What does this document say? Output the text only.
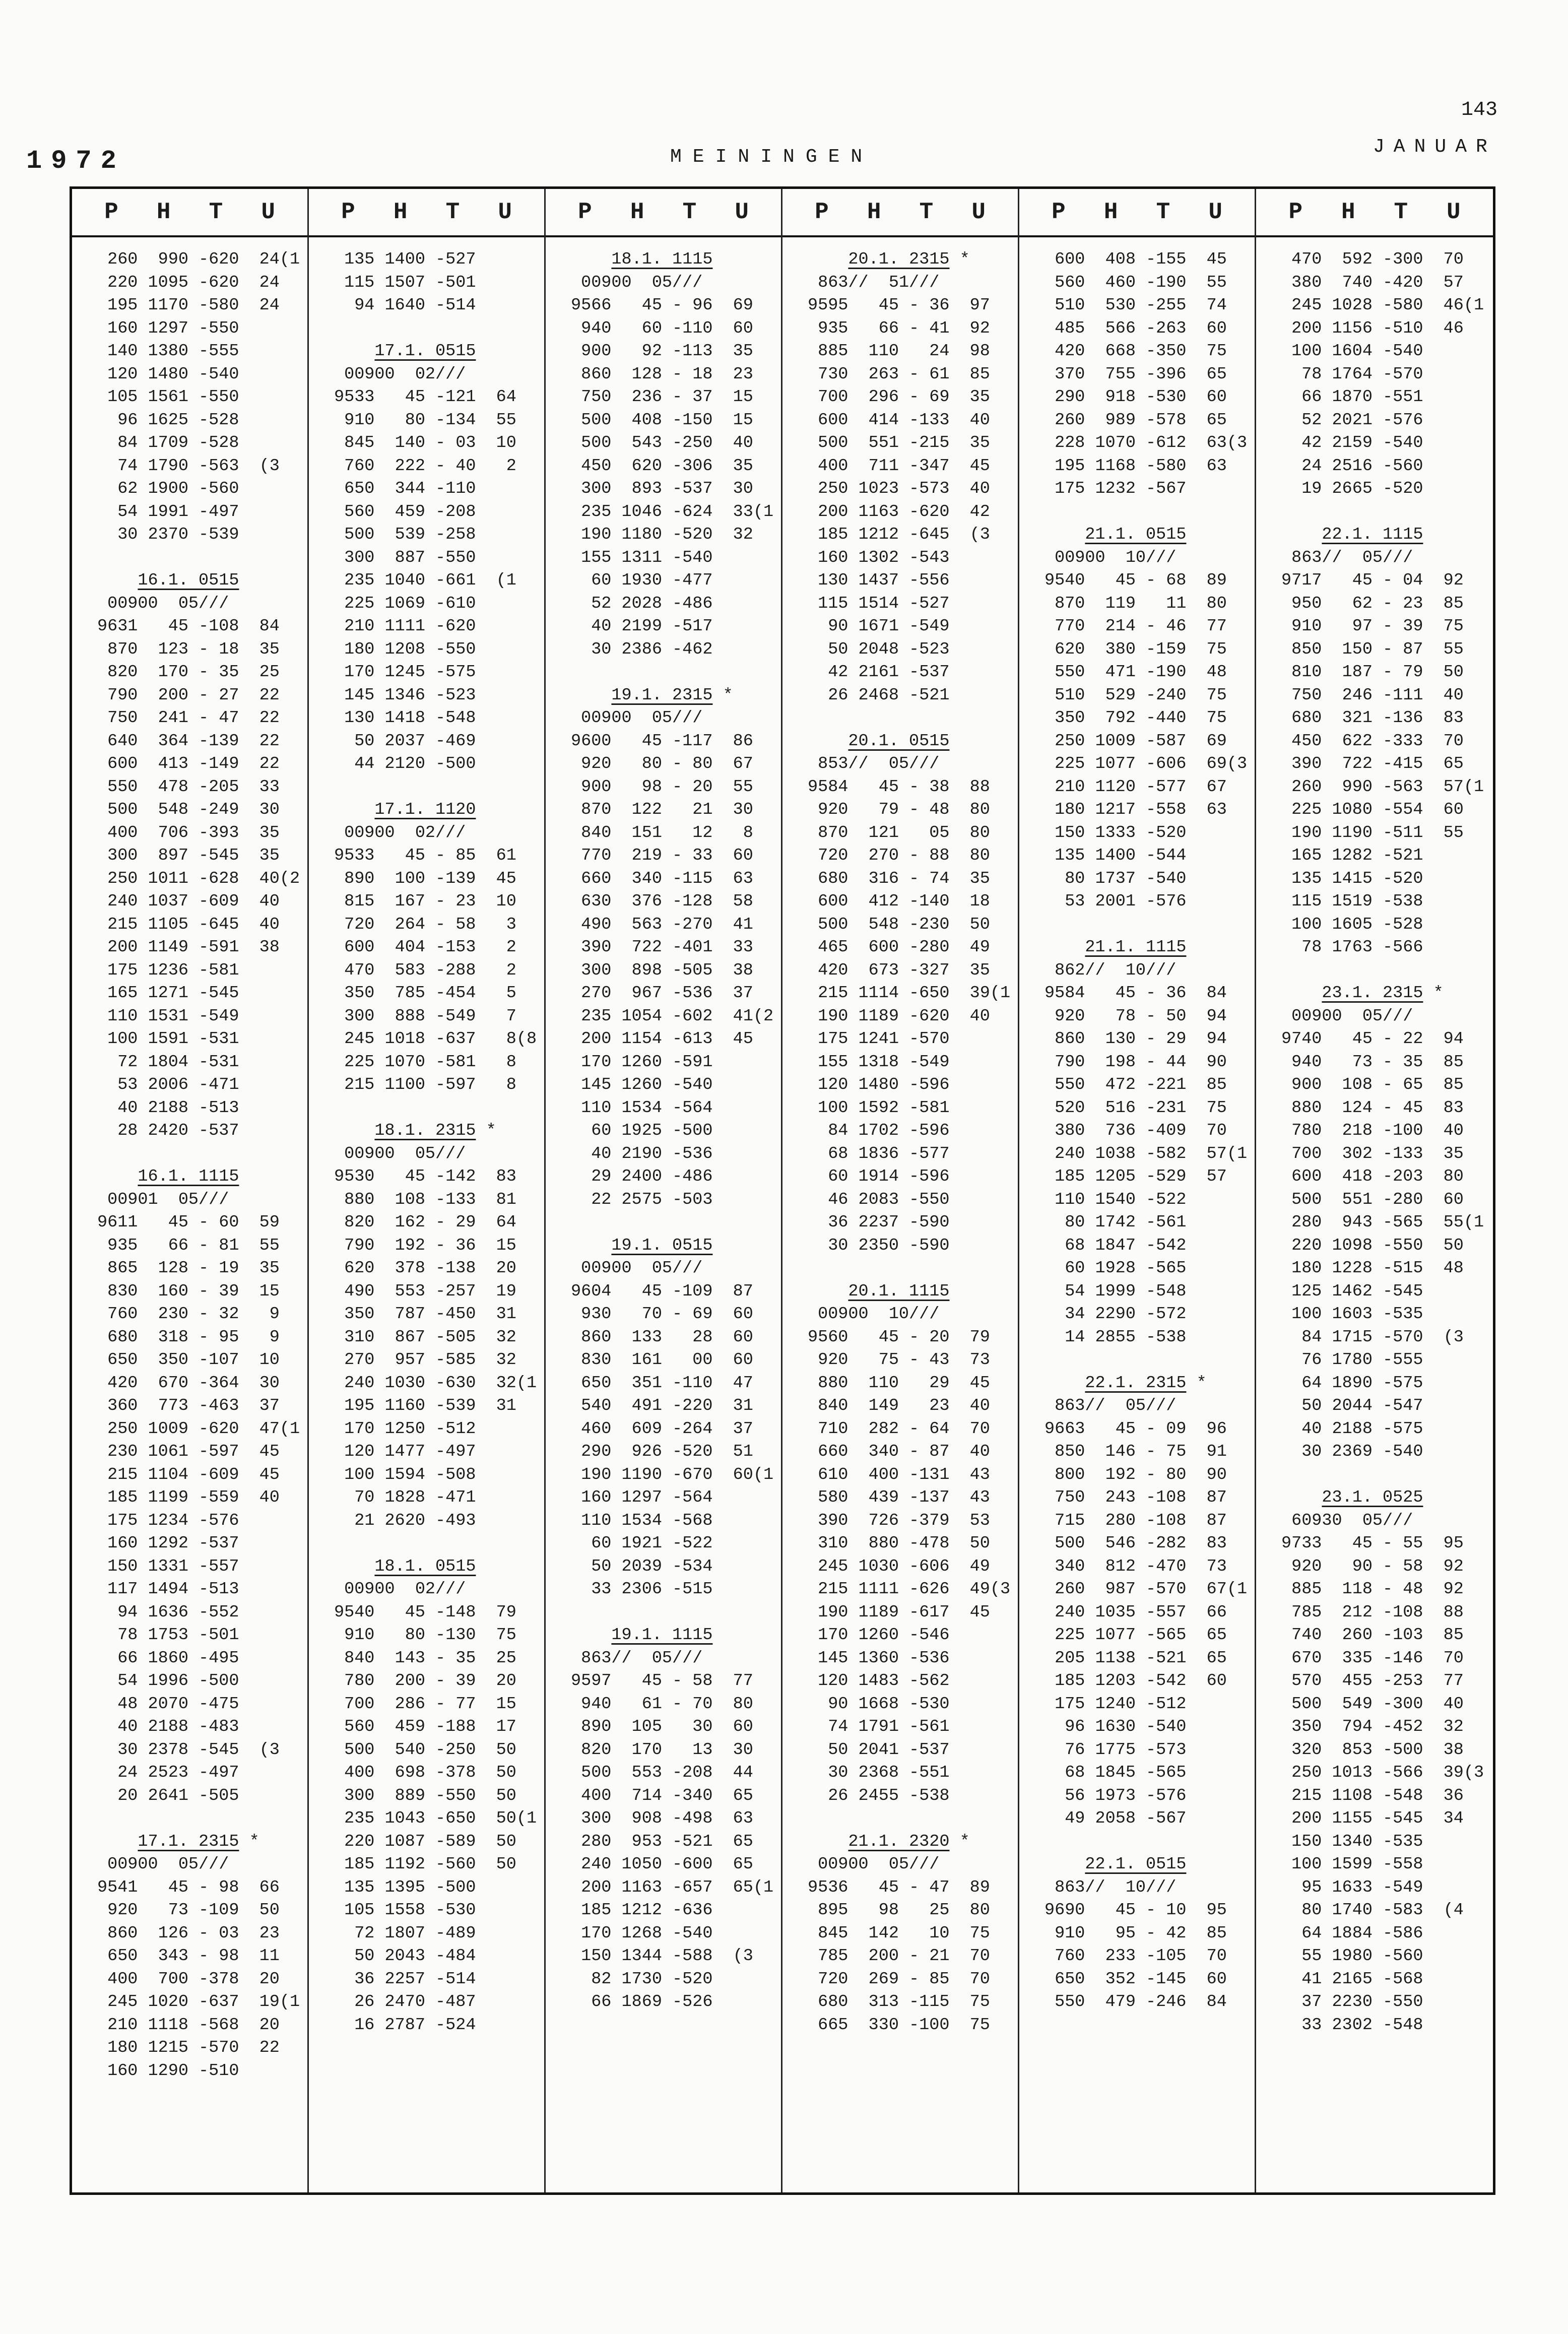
143
1972	MEININGEN	JANUAR
P H T U
260  990 -620  24(1
220 1095 -620  24
195 1170 -580  24
160 1297 -550
140 1380 -555
120 1480 -540
105 1561 -550
96 1625 -528
84 1709 -528
74 1790 -563  (3
62 1900 -560
54 1991 -497
30 2370 -539
16.1. 0515
00900  05///
9631   45 -108  84
870  123 - 18  35
820  170 - 35  25
790  200 - 27  22
750  241 - 47  22
640  364 -139  22
600  413 -149  22
550  478 -205  33
500  548 -249  30
400  706 -393  35
300  897 -545  35
250 1011 -628  40(2
240 1037 -609  40
215 1105 -645  40
200 1149 -591  38
175 1236 -581
165 1271 -545
110 1531 -549
100 1591 -531
72 1804 -531
53 2006 -471
40 2188 -513
28 2420 -537
16.1. 1115
00901  05///
9611   45 - 60  59
935   66 - 81  55
865  128 - 19  35
830  160 - 39  15
760  230 - 32   9
680  318 - 95   9
650  350 -107  10
420  670 -364  30
360  773 -463  37
250 1009 -620  47(1
230 1061 -597  45
215 1104 -609  45
185 1199 -559  40
175 1234 -576
160 1292 -537
150 1331 -557
117 1494 -513
94 1636 -552
78 1753 -501
66 1860 -495
54 1996 -500
48 2070 -475
40 2188 -483
30 2378 -545  (3
24 2523 -497
20 2641 -505
17.1. 2315 *
00900  05///
9541   45 - 98  66
920   73 -109  50
860  126 - 03  23
650  343 - 98  11
400  700 -378  20
245 1020 -637  19(1
210 1118 -568  20
180 1215 -570  22
160 1290 -510
P H T U
135 1400 -527
115 1507 -501
94 1640 -514
17.1. 0515
00900  02///
9533   45 -121  64
910   80 -134  55
845  140 - 03  10
760  222 - 40   2
650  344 -110
560  459 -208
500  539 -258
300  887 -550
235 1040 -661  (1
225 1069 -610
210 1111 -620
180 1208 -550
170 1245 -575
145 1346 -523
130 1418 -548
50 2037 -469
44 2120 -500
17.1. 1120
00900  02///
9533   45 - 85  61
890  100 -139  45
815  167 - 23  10
720  264 - 58   3
600  404 -153   2
470  583 -288   2
350  785 -454   5
300  888 -549   7
245 1018 -637   8(8
225 1070 -581   8
215 1100 -597   8
18.1. 2315 *
00900  05///
9530   45 -142  83
880  108 -133  81
820  162 - 29  64
790  192 - 36  15
620  378 -138  20
490  553 -257  19
350  787 -450  31
310  867 -505  32
270  957 -585  32
240 1030 -630  32(1
195 1160 -539  31
170 1250 -512
120 1477 -497
100 1594 -508
70 1828 -471
21 2620 -493
18.1. 0515
00900  02///
9540   45 -148  79
910   80 -130  75
840  143 - 35  25
780  200 - 39  20
700  286 - 77  15
560  459 -188  17
500  540 -250  50
400  698 -378  50
300  889 -550  50
235 1043 -650  50(1
220 1087 -589  50
185 1192 -560  50
135 1395 -500
105 1558 -530
72 1807 -489
50 2043 -484
36 2257 -514
26 2470 -487
16 2787 -524
P H T U
18.1. 1115
00900  05///
9566   45 - 96  69
940   60 -110  60
900   92 -113  35
860  128 - 18  23
750  236 - 37  15
500  408 -150  15
500  543 -250  40
450  620 -306  35
300  893 -537  30
235 1046 -624  33(1
190 1180 -520  32
155 1311 -540
60 1930 -477
52 2028 -486
40 2199 -517
30 2386 -462
19.1. 2315 *
00900  05///
9600   45 -117  86
920   80 - 80  67
900   98 - 20  55
870  122   21  30
840  151   12   8
770  219 - 33  60
660  340 -115  63
630  376 -128  58
490  563 -270  41
390  722 -401  33
300  898 -505  38
270  967 -536  37
235 1054 -602  41(2
200 1154 -613  45
170 1260 -591
145 1260 -540
110 1534 -564
60 1925 -500
40 2190 -536
29 2400 -486
22 2575 -503
19.1. 0515
00900  05///
9604   45 -109  87
930   70 - 69  60
860  133   28  60
830  161   00  60
650  351 -110  47
540  491 -220  31
460  609 -264  37
290  926 -520  51
190 1190 -670  60(1
160 1297 -564
110 1534 -568
60 1921 -522
50 2039 -534
33 2306 -515
19.1. 1115
863//  05///
9597   45 - 58  77
940   61 - 70  80
890  105   30  60
820  170   13  30
500  553 -208  44
400  714 -340  65
300  908 -498  63
280  953 -521  65
240 1050 -600  65
200 1163 -657  65(1
185 1212 -636
170 1268 -540
150 1344 -588  (3
82 1730 -520
66 1869 -526
P H T U
20.1. 2315 *
863//  51///
9595   45 - 36  97
935   66 - 41  92
885  110   24  98
730  263 - 61  85
700  296 - 69  35
600  414 -133  40
500  551 -215  35
400  711 -347  45
250 1023 -573  40
200 1163 -620  42
185 1212 -645  (3
160 1302 -543
130 1437 -556
115 1514 -527
90 1671 -549
50 2048 -523
42 2161 -537
26 2468 -521
20.1. 0515
853//  05///
9584   45 - 38  88
920   79 - 48  80
870  121   05  80
720  270 - 88  80
680  316 - 74  35
600  412 -140  18
500  548 -230  50
465  600 -280  49
420  673 -327  35
215 1114 -650  39(1
190 1189 -620  40
175 1241 -570
155 1318 -549
120 1480 -596
100 1592 -581
84 1702 -596
68 1836 -577
60 1914 -596
46 2083 -550
36 2237 -590
30 2350 -590
20.1. 1115
00900  10///
9560   45 - 20  79
920   75 - 43  73
880  110   29  45
840  149   23  40
710  282 - 64  70
660  340 - 87  40
610  400 -131  43
580  439 -137  43
390  726 -379  53
310  880 -478  50
245 1030 -606  49
215 1111 -626  49(3
190 1189 -617  45
170 1260 -546
145 1360 -536
120 1483 -562
90 1668 -530
74 1791 -561
50 2041 -537
30 2368 -551
26 2455 -538
21.1. 2320 *
00900  05///
9536   45 - 47  89
895   98   25  80
845  142   10  75
785  200 - 21  70
720  269 - 85  70
680  313 -115  75
665  330 -100  75
P H T U
600  408 -155  45
560  460 -190  55
510  530 -255  74
485  566 -263  60
420  668 -350  75
370  755 -396  65
290  918 -530  60
260  989 -578  65
228 1070 -612  63(3
195 1168 -580  63
175 1232 -567
21.1. 0515
00900  10///
9540   45 - 68  89
870  119   11  80
770  214 - 46  77
620  380 -159  75
550  471 -190  48
510  529 -240  75
350  792 -440  75
250 1009 -587  69
225 1077 -606  69(3
210 1120 -577  67
180 1217 -558  63
150 1333 -520
135 1400 -544
80 1737 -540
53 2001 -576
21.1. 1115
862//  10///
9584   45 - 36  84
920   78 - 50  94
860  130 - 29  94
790  198 - 44  90
550  472 -221  85
520  516 -231  75
380  736 -409  70
240 1038 -582  57(1
185 1205 -529  57
110 1540 -522
80 1742 -561
68 1847 -542
60 1928 -565
54 1999 -548
34 2290 -572
14 2855 -538
22.1. 2315 *
863//  05///
9663   45 - 09  96
850  146 - 75  91
800  192 - 80  90
750  243 -108  87
715  280 -108  87
500  546 -282  83
340  812 -470  73
260  987 -570  67(1
240 1035 -557  66
225 1077 -565  65
205 1138 -521  65
185 1203 -542  60
175 1240 -512
96 1630 -540
76 1775 -573
68 1845 -565
56 1973 -576
49 2058 -567
22.1. 0515
863//  10///
9690   45 - 10  95
910   95 - 42  85
760  233 -105  70
650  352 -145  60
550  479 -246  84
P H T U
470  592 -300  70
380  740 -420  57
245 1028 -580  46(1
200 1156 -510  46
100 1604 -540
78 1764 -570
66 1870 -551
52 2021 -576
42 2159 -540
24 2516 -560
19 2665 -520
22.1. 1115
863//  05///
9717   45 - 04  92
950   62 - 23  85
910   97 - 39  75
850  150 - 87  55
810  187 - 79  50
750  246 -111  40
680  321 -136  83
450  622 -333  70
390  722 -415  65
260  990 -563  57(1
225 1080 -554  60
190 1190 -511  55
165 1282 -521
135 1415 -520
115 1519 -538
100 1605 -528
78 1763 -566
23.1. 2315 *
00900  05///
9740   45 - 22  94
940   73 - 35  85
900  108 - 65  85
880  124 - 45  83
780  218 -100  40
700  302 -133  35
600  418 -203  80
500  551 -280  60
280  943 -565  55(1
220 1098 -550  50
180 1228 -515  48
125 1462 -545
100 1603 -535
84 1715 -570  (3
76 1780 -555
64 1890 -575
50 2044 -547
40 2188 -575
30 2369 -540
23.1. 0525
60930  05///
9733   45 - 55  95
920   90 - 58  92
885  118 - 48  92
785  212 -108  88
740  260 -103  85
670  335 -146  70
570  455 -253  77
500  549 -300  40
350  794 -452  32
320  853 -500  38
250 1013 -566  39(3
215 1108 -548  36
200 1155 -545  34
150 1340 -535
100 1599 -558
95 1633 -549
80 1740 -583  (4
64 1884 -586
55 1980 -560
41 2165 -568
37 2230 -550
33 2302 -548
